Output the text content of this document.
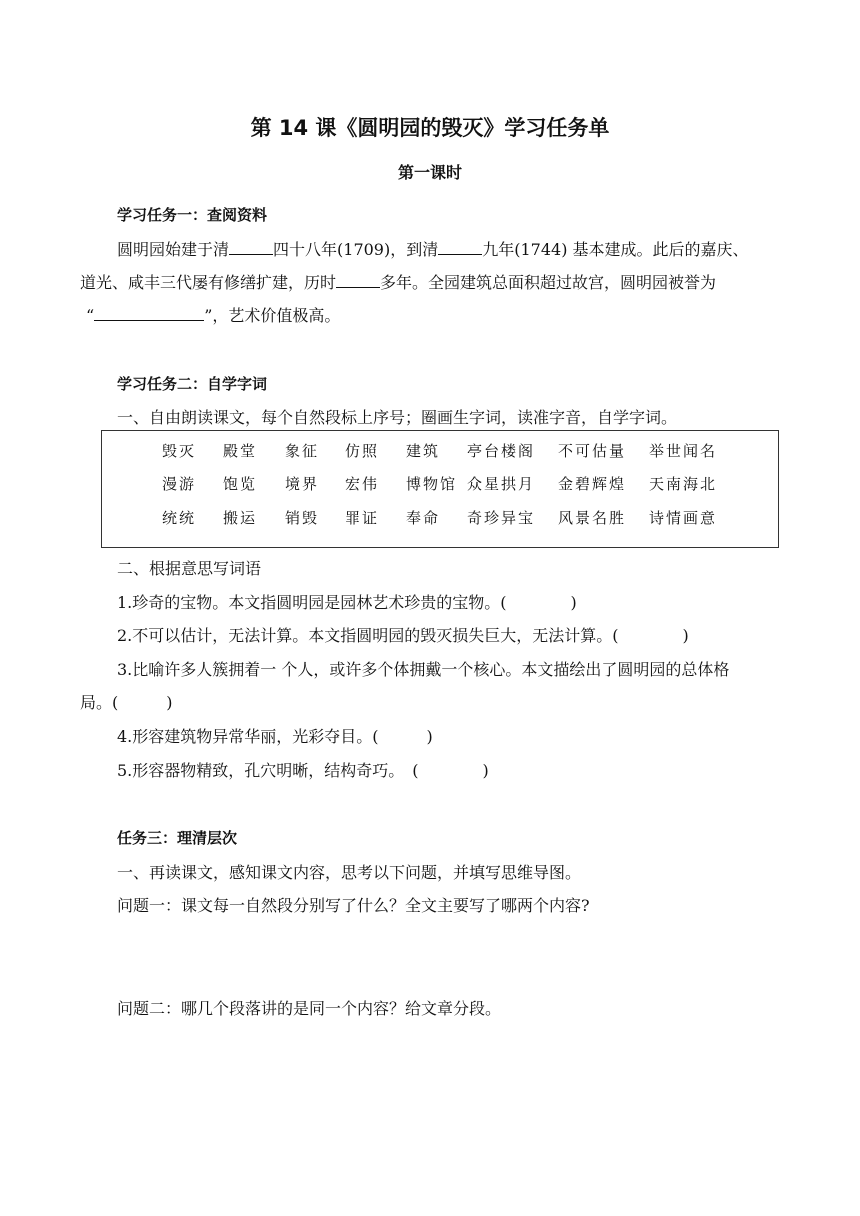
第 14 课《圆明园的毁灭》学习任务单
第一课时
学习任务一：查阅资料
圆明园始建于清	四十八年(1709)，到清	九年(1744) 基本建成。此后的嘉庆、
道光、咸丰三代屡有修缮扩建，历时	多年。全园建筑总面积超过故宫，圆明园被誉为
“	”，艺术价值极高。
学习任务二：自学字词
一、自由朗读课文，每个自然段标上序号；圈画生字词，读准字音，自学字词。
毁灭 殿堂 象征 仿照 建筑 亭台楼阁 不可估量 举世闻名
漫游 饱览 境界 宏伟 博物馆 众星拱月 金碧辉煌 天南海北
统统 搬运 销毁 罪证 奉命 奇珍异宝 风景名胜 诗情画意
二、根据意思写词语
1.珍奇的宝物。本文指圆明园是园林艺术珍贵的宝物。(　　　　)
2.不可以估计，无法计算。本文指圆明园的毁灭损失巨大，无法计算。(　　　　)
3.比喻许多人簇拥着一 个人，或许多个体拥戴一个核心。本文描绘出了圆明园的总体格
局。(　　　)
4.形容建筑物异常华丽，光彩夺目。(　　　)
5.形容器物精致，孔穴明晰，结构奇巧。　(　　　　)
任务三：理清层次
一、再读课文，感知课文内容，思考以下问题，并填写思维导图。
问题一：课文每一自然段分别写了什么？全文主要写了哪两个内容?
问题二：哪几个段落讲的是同一个内容？给文章分段。
